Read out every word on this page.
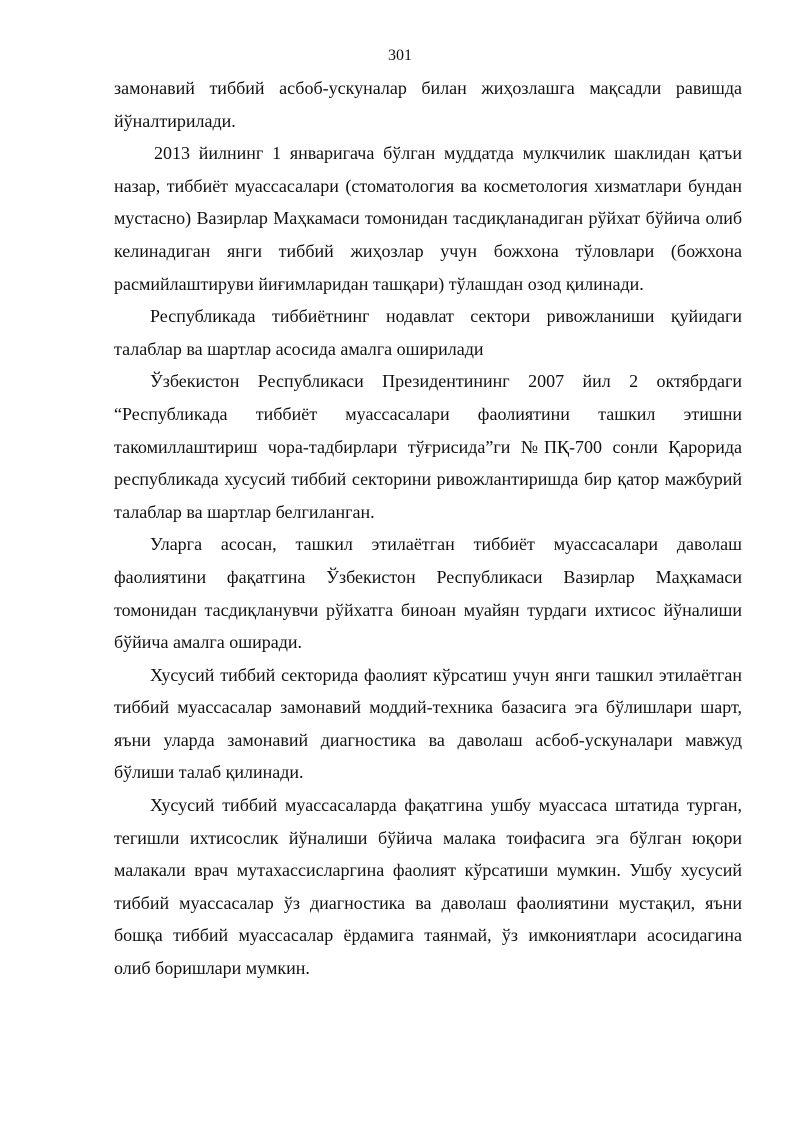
301

замонавий тиббий асбоб-ускуналар билан жиҳозлашга мақсадли равишда йўналтирилади.

2013 йилнинг 1 январигача бўлган муддатда мулкчилик шаклидан қатъи назар, тиббиёт муассасалари (стоматология ва косметология хизматлари бундан мустасно) Вазирлар Маҳкамаси томонидан тасдиқланадиган рўйхат бўйича олиб келинадиган янги тиббий жиҳозлар учун божхона тўловлари (божхона расмийлаштируви йиғимларидан ташқари) тўлашдан озод қилинади.

Республикада тиббиётнинг нодавлат сектори ривожланиши қуйидаги талаблар ва шартлар асосида амалга оширилади

Ўзбекистон Республикаси Президентининг 2007 йил 2 октябрдаги “Республикада тиббиёт муассасалари фаолиятини ташкил этишни такомиллаштириш чора-тадбирлари тўғрисида”ги №ПҚ-700 сонли Қарорида республикада хусусий тиббий секторини ривожлантиришда бир қатор мажбурий талаблар ва шартлар белгиланган.

Уларга асосан, ташкил этилаётган тиббиёт муассасалари даволаш фаолиятини фақатгина Ўзбекистон Республикаси Вазирлар Маҳкамаси томонидан тасдиқланувчи рўйхатга биноан муайян турдаги ихтисос йўналиши бўйича амалга оширади.

Хусусий тиббий секторида фаолият кўрсатиш учун янги ташкил этилаётган тиббий муассасалар замонавий моддий-техника базасига эга бўлишлари шарт, яъни уларда замонавий диагностика ва даволаш асбоб-ускуналари мавжуд бўлиши талаб қилинади.

Хусусий тиббий муассасаларда фақатгина ушбу муассаса штатида турган, тегишли ихтисослик йўналиши бўйича малака тоифасига эга бўлган юқори малакали врач мутахассисларгина фаолият кўрсатиши мумкин. Ушбу хусусий тиббий муассасалар ўз диагностика ва даволаш фаолиятини мустақил, яъни бошқа тиббий муассасалар ёрдамига таянмай, ўз имкониятлари асосидагина олиб боришлари мумкин.
